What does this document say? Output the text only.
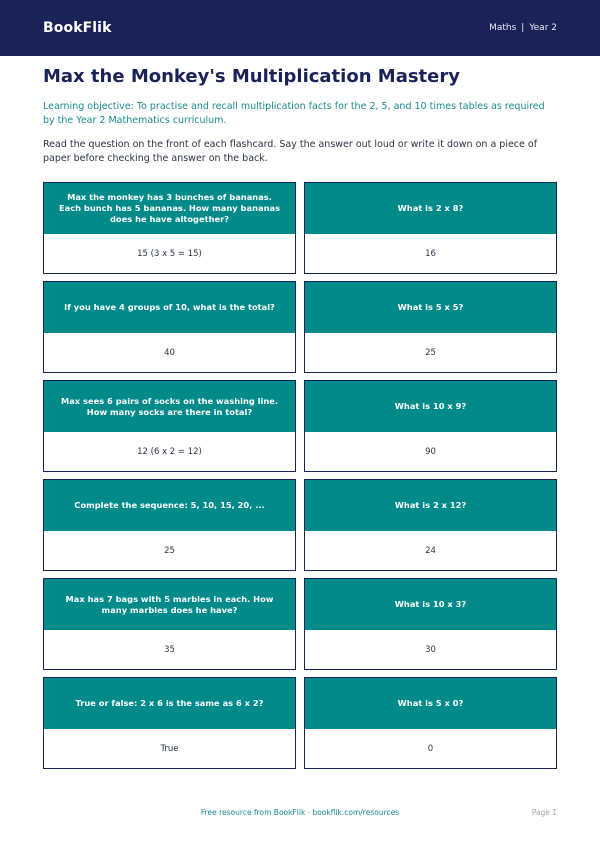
BookFlik	Maths | Year 2
Max the Monkey's Multiplication Mastery

Learning objective: To practise and recall multiplication facts for the 2, 5, and 10 times tables as required by the Year 2 Mathematics curriculum.

Read the question on the front of each flashcard. Say the answer out loud or write it down on a piece of paper before checking the answer on the back.

Max the monkey has 3 bunches of bananas. Each bunch has 5 bananas. How many bananas does he have altogether?
15 (3 x 5 = 15)
What is 2 x 8?
16
If you have 4 groups of 10, what is the total?
40
What is 5 x 5?
25
Max sees 6 pairs of socks on the washing line. How many socks are there in total?
12 (6 x 2 = 12)
What is 10 x 9?
90
Complete the sequence: 5, 10, 15, 20, ...
25
What is 2 x 12?
24
Max has 7 bags with 5 marbles in each. How many marbles does he have?
35
What is 10 x 3?
30
True or false: 2 x 6 is the same as 6 x 2?
True
What is 5 x 0?
0
Free resource from BookFlik · bookflik.com/resources	Page 1
